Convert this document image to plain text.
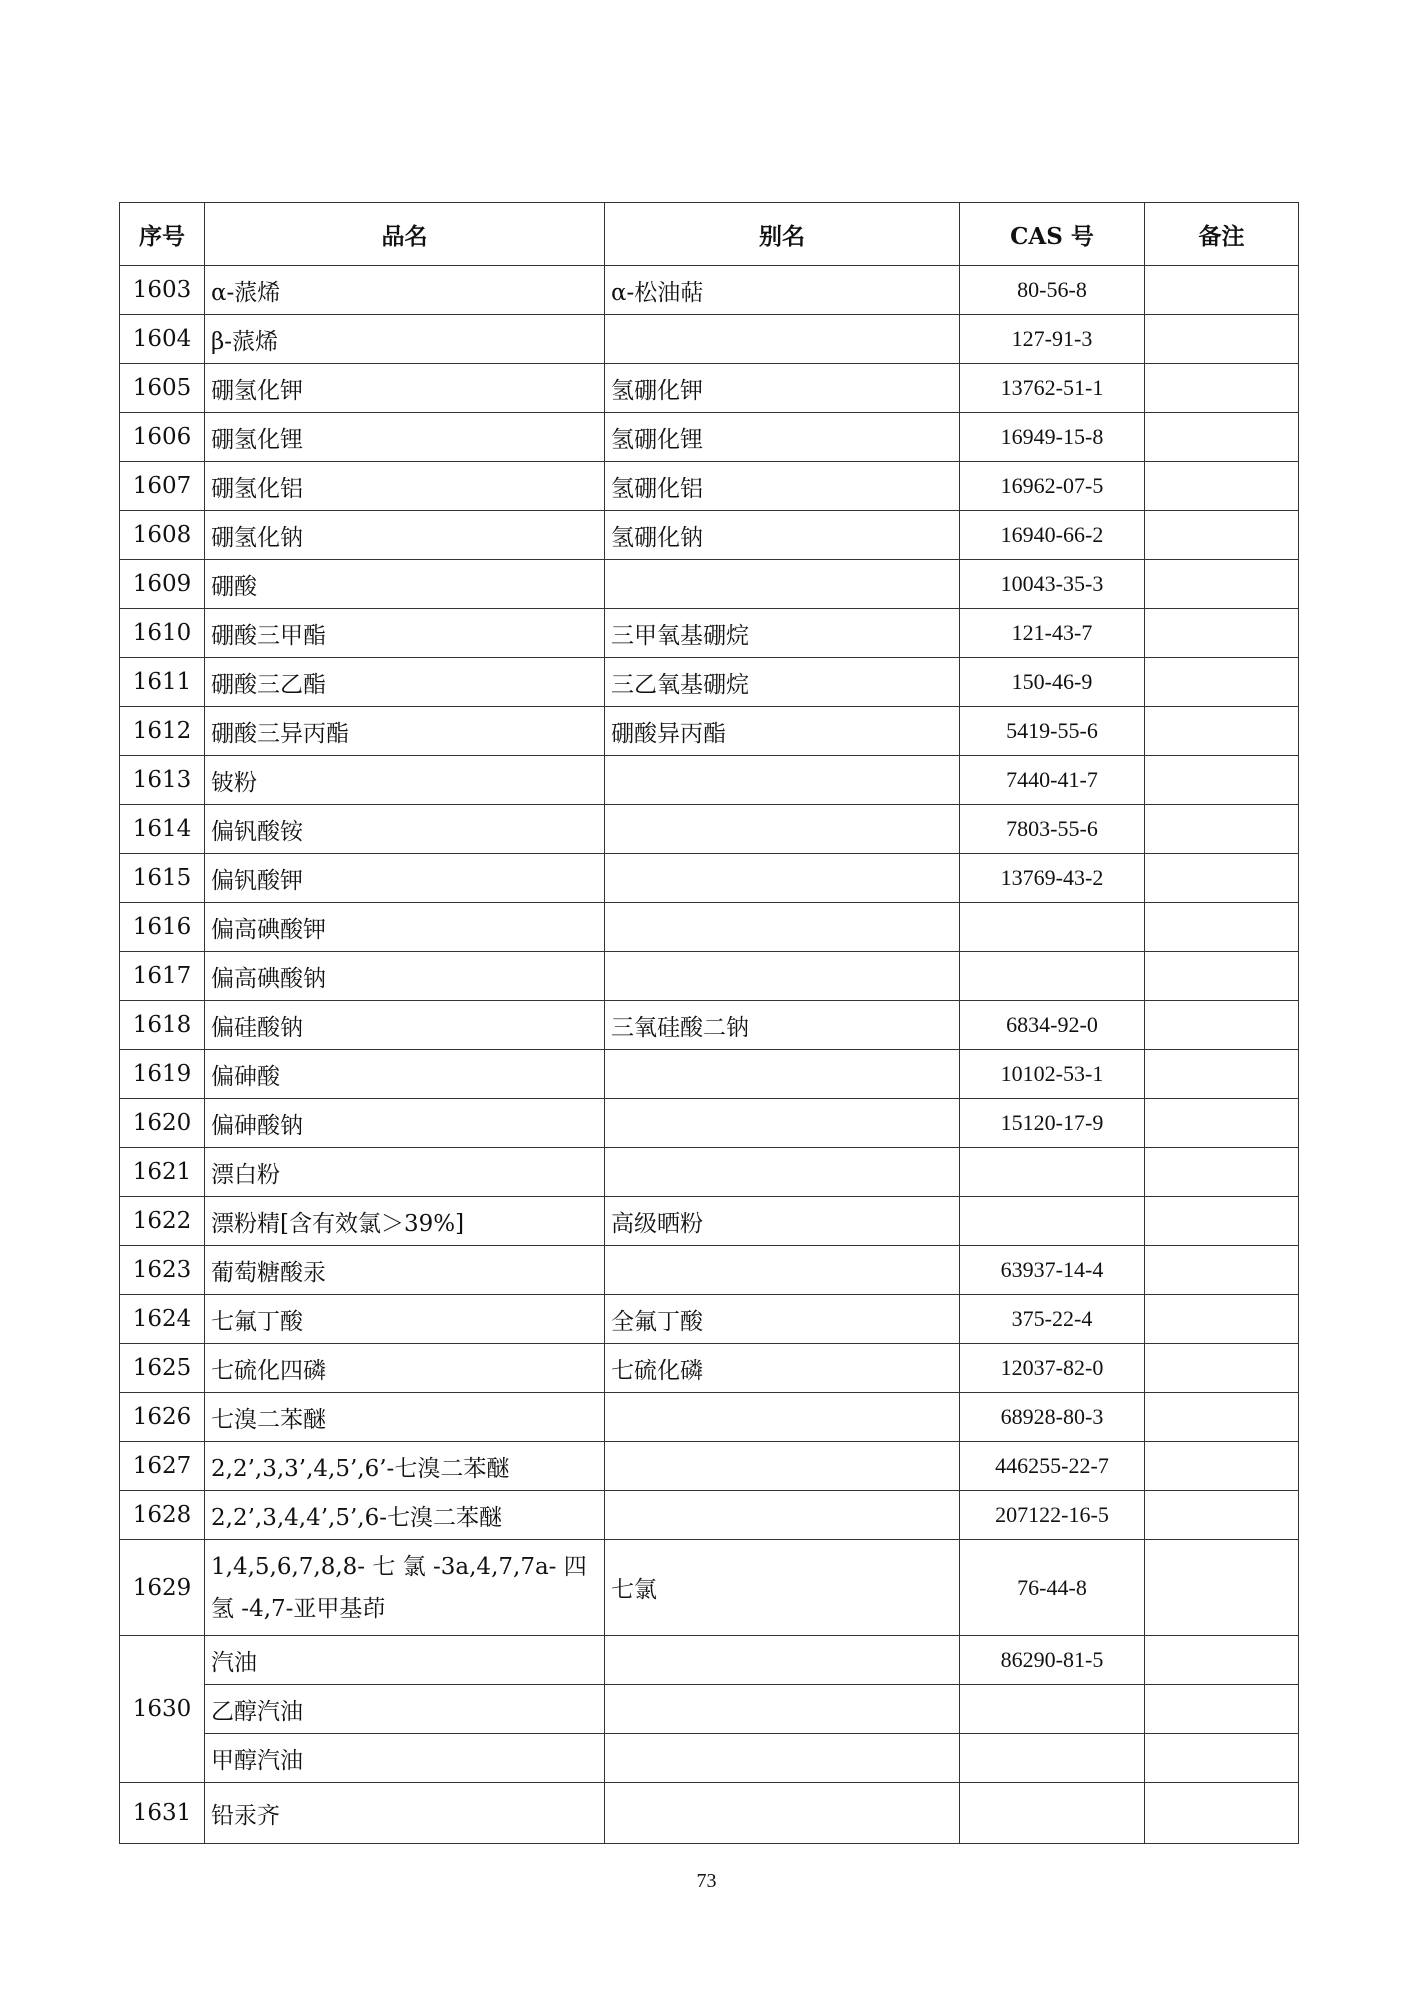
序号	品名	别名	CAS 号	备注
1603	α-蒎烯	α-松油萜	80-56-8	
1604	β-蒎烯		127-91-3	
1605	硼氢化钾	氢硼化钾	13762-51-1	
1606	硼氢化锂	氢硼化锂	16949-15-8	
1607	硼氢化铝	氢硼化铝	16962-07-5	
1608	硼氢化钠	氢硼化钠	16940-66-2	
1609	硼酸		10043-35-3	
1610	硼酸三甲酯	三甲氧基硼烷	121-43-7	
1611	硼酸三乙酯	三乙氧基硼烷	150-46-9	
1612	硼酸三异丙酯	硼酸异丙酯	5419-55-6	
1613	铍粉		7440-41-7	
1614	偏钒酸铵		7803-55-6	
1615	偏钒酸钾		13769-43-2	
1616	偏高碘酸钾			
1617	偏高碘酸钠			
1618	偏硅酸钠	三氧硅酸二钠	6834-92-0	
1619	偏砷酸		10102-53-1	
1620	偏砷酸钠		15120-17-9	
1621	漂白粉			
1622	漂粉精[含有效氯＞39%]	高级晒粉		
1623	葡萄糖酸汞		63937-14-4	
1624	七氟丁酸	全氟丁酸	375-22-4	
1625	七硫化四磷	七硫化磷	12037-82-0	
1626	七溴二苯醚		68928-80-3	
1627	2,2’,3,3’,4,5’,6’-七溴二苯醚		446255-22-7	
1628	2,2’,3,4,4’,5’,6-七溴二苯醚		207122-16-5	
1629	1,4,5,6,7,8,8- 七 氯 -3a,4,7,7a- 四 氢 -4,7-亚甲基茚	七氯	76-44-8	
1630	汽油		86290-81-5	
	乙醇汽油			
	甲醇汽油			
1631	铅汞齐			
73
